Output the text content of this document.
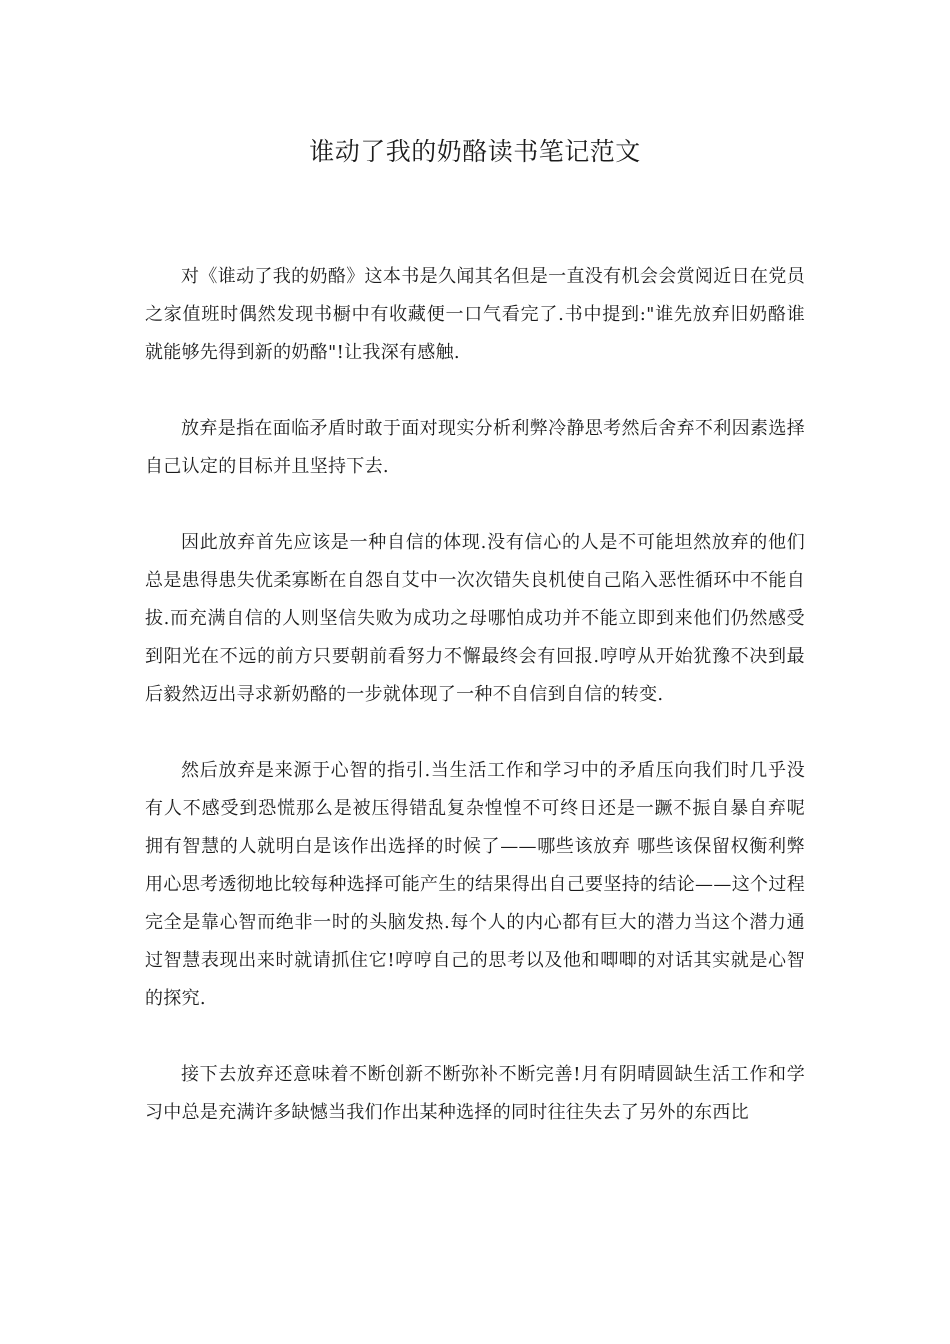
谁动了我的奶酪读书笔记范文

对《谁动了我的奶酪》这本书是久闻其名但是一直没有机会会赏阅近日在党员之家值班时偶然发现书橱中有收藏便一口气看完了.书中提到:"谁先放弃旧奶酪谁就能够先得到新的奶酪"!让我深有感触.

放弃是指在面临矛盾时敢于面对现实分析利弊冷静思考然后舍弃不利因素选择自己认定的目标并且坚持下去.

因此放弃首先应该是一种自信的体现.没有信心的人是不可能坦然放弃的他们总是患得患失优柔寡断在自怨自艾中一次次错失良机使自己陷入恶性循环中不能自拔.而充满自信的人则坚信失败为成功之母哪怕成功并不能立即到来他们仍然感受到阳光在不远的前方只要朝前看努力不懈最终会有回报.哼哼从开始犹豫不决到最后毅然迈出寻求新奶酪的一步就体现了一种不自信到自信的转变.

然后放弃是来源于心智的指引.当生活工作和学习中的矛盾压向我们时几乎没有人不感受到恐慌那么是被压得错乱复杂惶惶不可终日还是一蹶不振自暴自弃呢 拥有智慧的人就明白是该作出选择的时候了——哪些该放弃 哪些该保留权衡利弊用心思考透彻地比较每种选择可能产生的结果得出自己要坚持的结论——这个过程完全是靠心智而绝非一时的头脑发热.每个人的内心都有巨大的潜力当这个潜力通过智慧表现出来时就请抓住它!哼哼自己的思考以及他和唧唧的对话其实就是心智的探究.

接下去放弃还意味着不断创新不断弥补不断完善!月有阴晴圆缺生活工作和学习中总是充满许多缺憾当我们作出某种选择的同时往往失去了另外的东西比
